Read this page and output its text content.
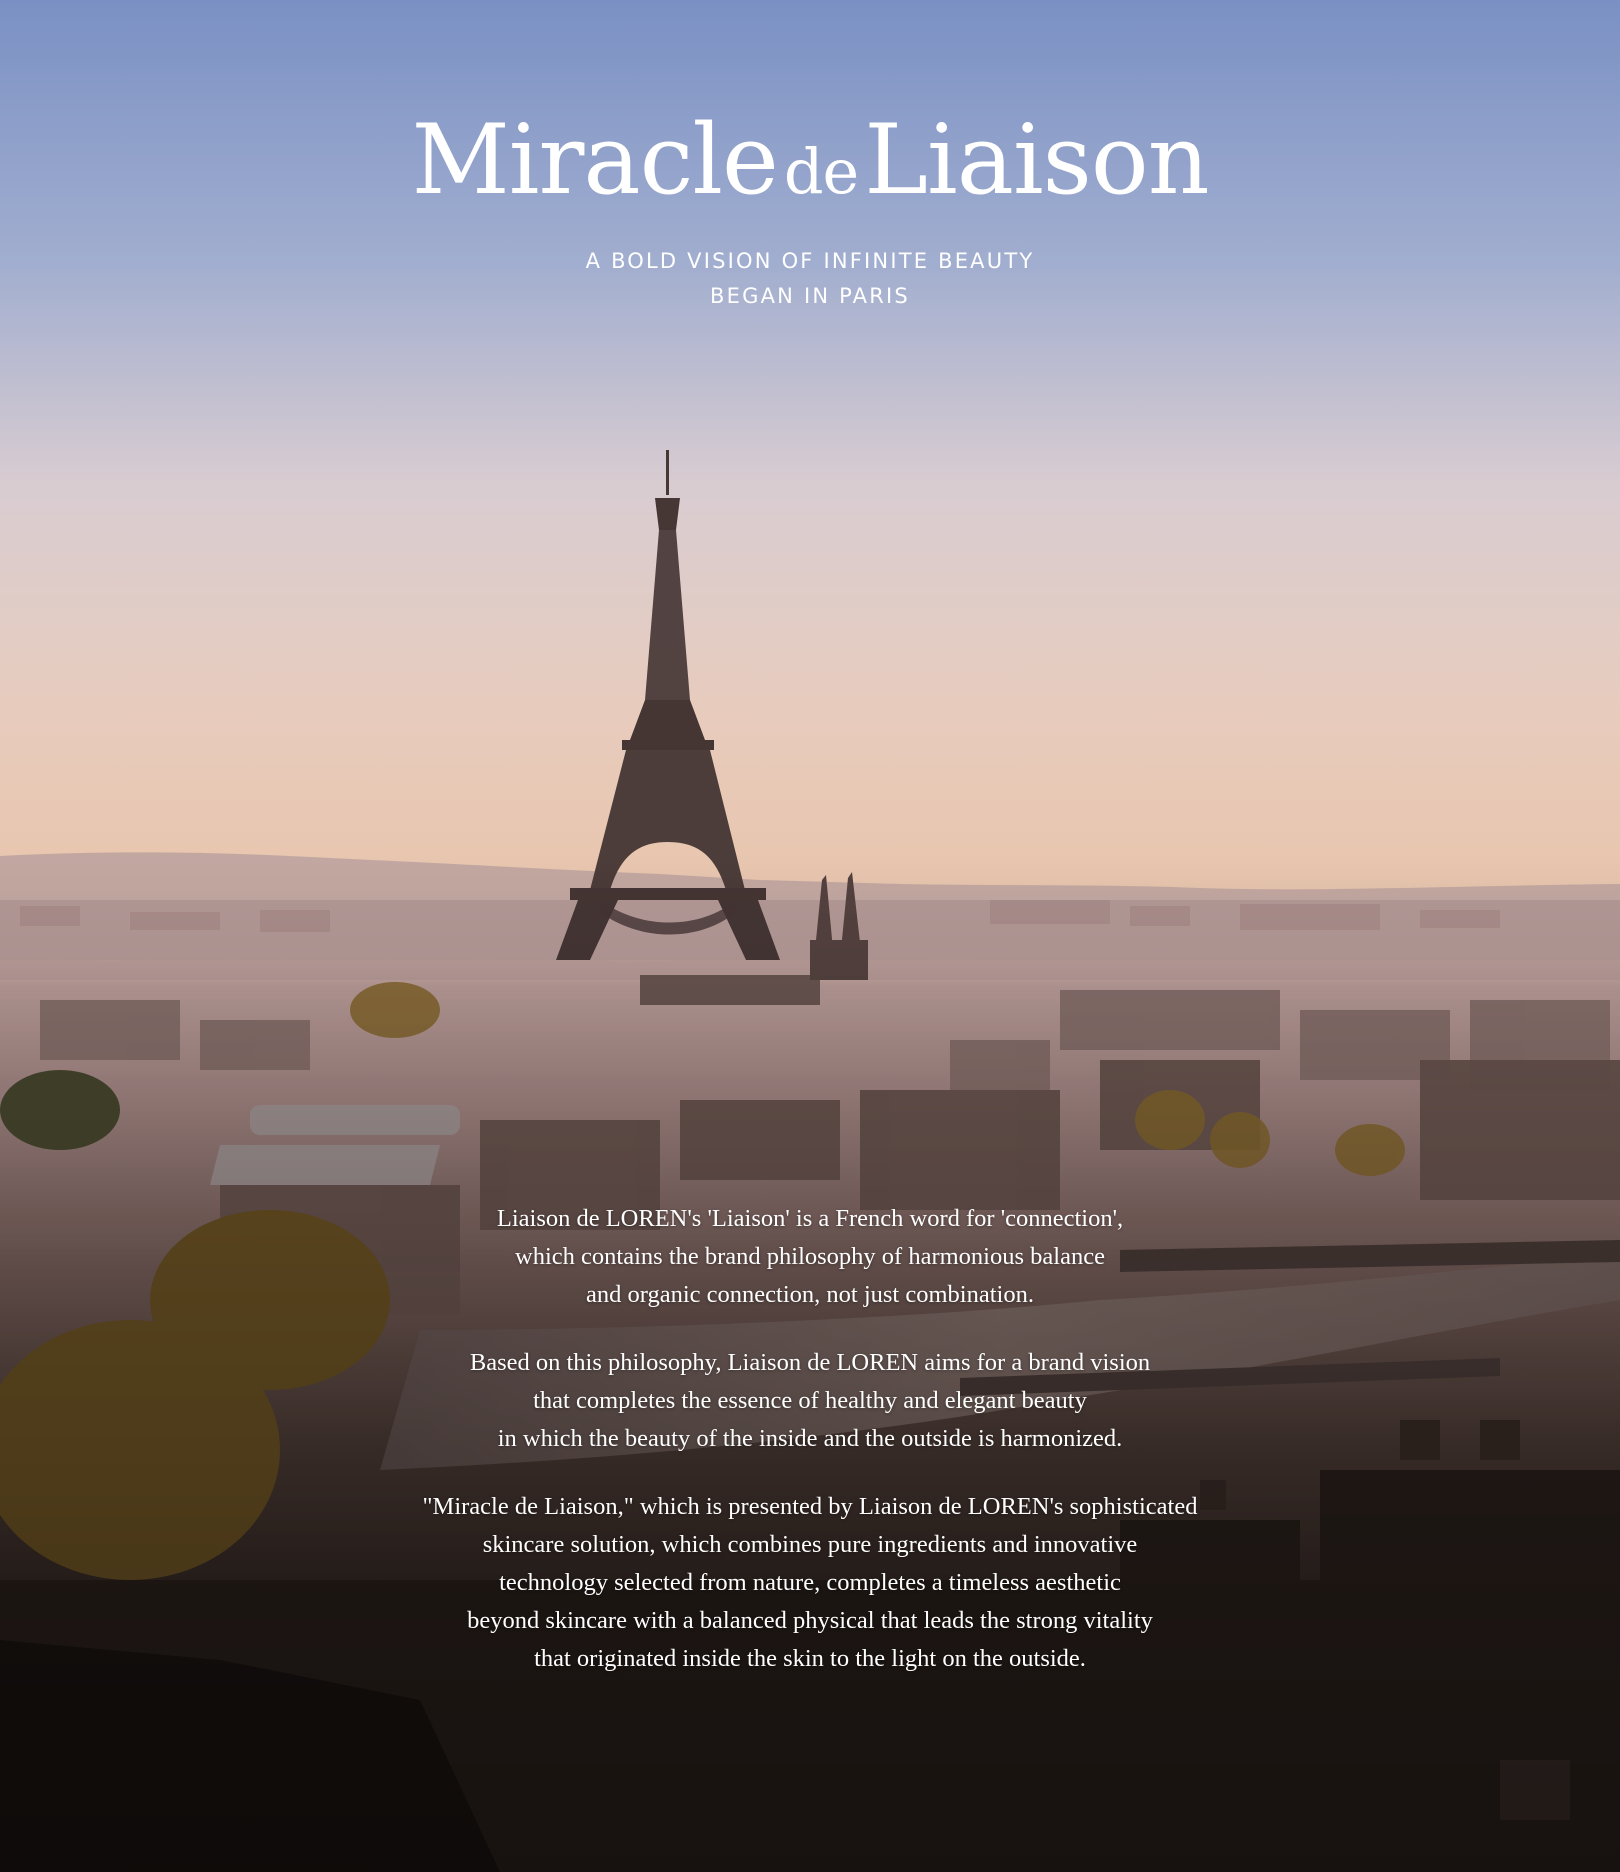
MiracledeLiaison
A BOLD VISION OF INFINITE BEAUTY
BEGAN IN PARIS

Liaison de LOREN's 'Liaison' is a French word for 'connection',
which contains the brand philosophy of harmonious balance
and organic connection, not just combination.

Based on this philosophy, Liaison de LOREN aims for a brand vision
that completes the essence of healthy and elegant beauty
in which the beauty of the inside and the outside is harmonized.

"Miracle de Liaison," which is presented by Liaison de LOREN's sophisticated
skincare solution, which combines pure ingredients and innovative
technology selected from nature, completes a timeless aesthetic
beyond skincare with a balanced physical that leads the strong vitality
that originated inside the skin to the light on the outside.
